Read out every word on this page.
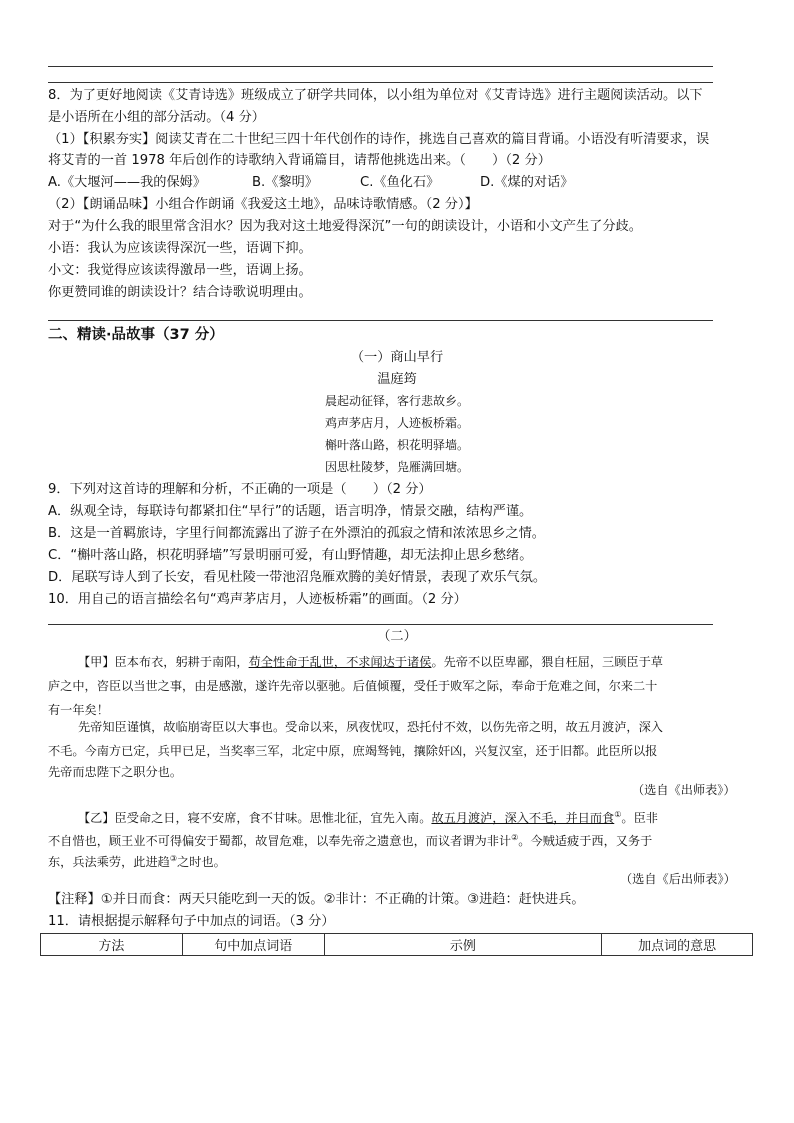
8．为了更好地阅读《艾青诗选》班级成立了研学共同体，以小组为单位对《艾青诗选》进行主题阅读活动。以下
是小语所在小组的部分活动。（4 分）
（1）【积累夯实】阅读艾青在二十世纪三四十年代创作的诗作，挑选自己喜欢的篇目背诵。小语没有听清要求，误
将艾青的一首 1978 年后创作的诗歌纳入背诵篇目，请帮他挑选出来。（　　）（2 分）
A.《大堰河——我的保姆》	B.《黎明》	C.《鱼化石》	D.《煤的对话》
（2）【朗诵品味】小组合作朗诵《我爱这土地》，品味诗歌情感。（2 分）】
对于“为什么我的眼里常含泪水？因为我对这土地爱得深沉”一句的朗读设计，小语和小文产生了分歧。
小语：我认为应该读得深沉一些，语调下抑。
小文：我觉得应该读得激昂一些，语调上扬。
你更赞同谁的朗读设计？结合诗歌说明理由。
二、精读·品故事（37 分）
（一）商山早行
温庭筠
晨起动征铎，客行悲故乡。
鸡声茅店月，人迹板桥霜。
槲叶落山路，枳花明驿墙。
因思杜陵梦，凫雁满回塘。
9．下列对这首诗的理解和分析，不正确的一项是（　　）（2 分）
A．纵观全诗，每联诗句都紧扣住“早行”的话题，语言明净，情景交融，结构严谨。
B．这是一首羁旅诗，字里行间都流露出了游子在外漂泊的孤寂之情和浓浓思乡之情。
C．“槲叶落山路，枳花明驿墙”写景明丽可爱，有山野情趣，却无法抑止思乡愁绪。
D．尾联写诗人到了长安，看见杜陵一带池沼凫雁欢腾的美好情景，表现了欢乐气氛。
10．用自己的语言描绘名句“鸡声茅店月，人迹板桥霜”的画面。（2 分）
（二）
【甲】臣本布衣，躬耕于南阳，苟全性命于乱世，不求闻达于诸侯。先帝不以臣卑鄙，猥自枉屈，三顾臣于草
庐之中，咨臣以当世之事，由是感激，遂许先帝以驱驰。后值倾覆，受任于败军之际，奉命于危难之间，尔来二十
有一年矣！
先帝知臣谨慎，故临崩寄臣以大事也。受命以来，夙夜忧叹，恐托付不效，以伤先帝之明，故五月渡泸，深入
不毛。今南方已定，兵甲已足，当奖率三军，北定中原，庶竭驽钝，攘除奸凶，兴复汉室，还于旧都。此臣所以报
先帝而忠陛下之职分也。
（选自《出师表》）
【乙】臣受命之日，寝不安席，食不甘味。思惟北征，宜先入南。故五月渡泸，深入不毛，并日而食①。臣非
不自惜也，顾王业不可得偏安于蜀都，故冒危难，以奉先帝之遗意也，而议者谓为非计②。今贼适疲于西，又务于
东，兵法乘劳，此进趋③之时也。
（选自《后出师表》）
【注释】①并日而食：两天只能吃到一天的饭。②非计：不正确的计策。③进趋：赶快进兵。
11．请根据提示解释句子中加点的词语。（3 分）
方法	句中加点词语	示例	加点词的意思
